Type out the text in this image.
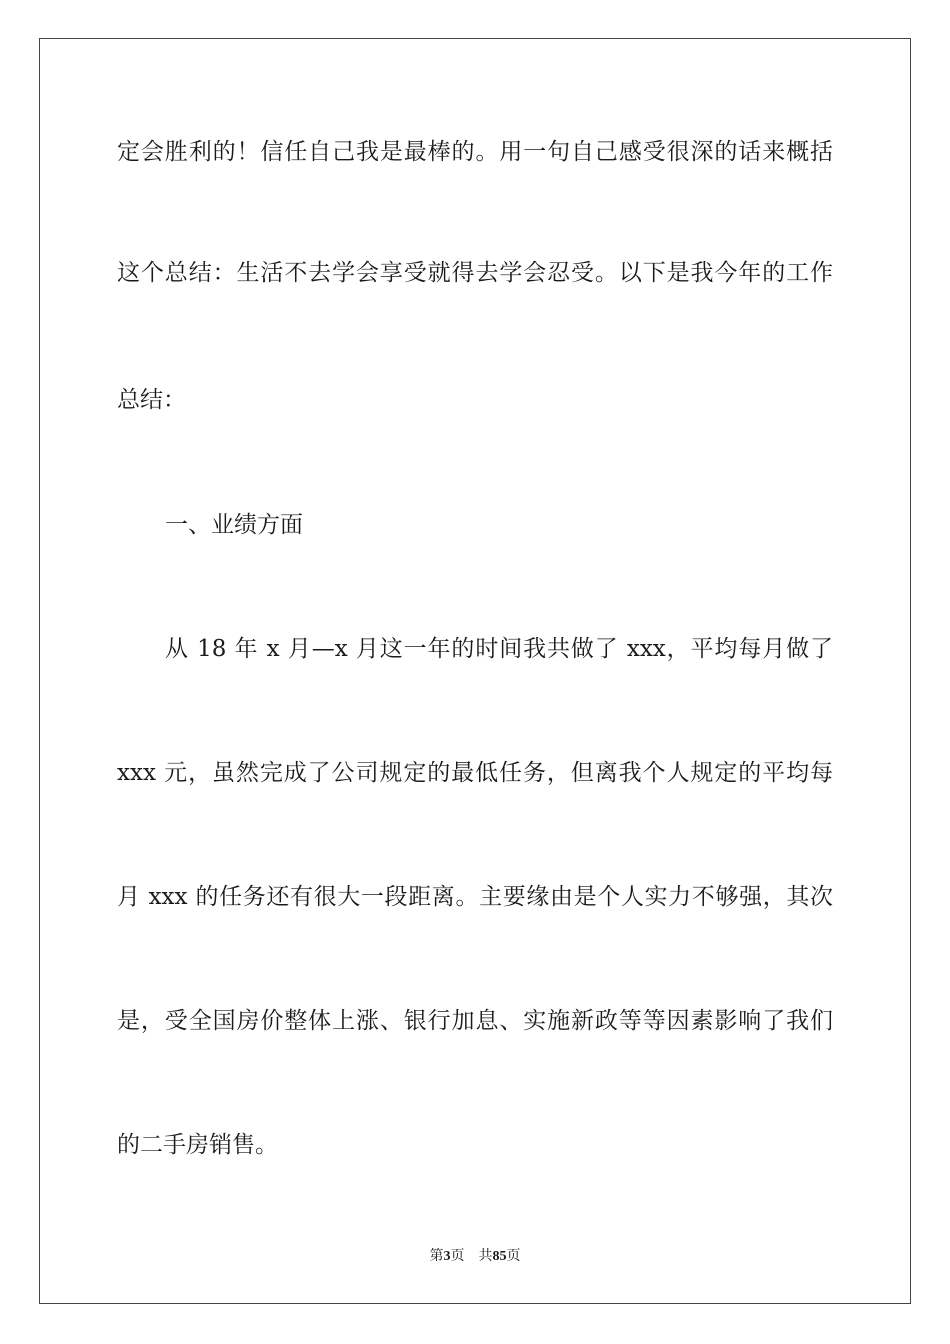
定会胜利的！信任自己我是最棒的。用一句自己感受很深的话来概括
这个总结：生活不去学会享受就得去学会忍受。以下是我今年的工作
总结：
一、业绩方面
从 18 年 x 月—x 月这一年的时间我共做了 xxx，平均每月做了
xxx 元，虽然完成了公司规定的最低任务，但离我个人规定的平均每
月 xxx 的任务还有很大一段距离。主要缘由是个人实力不够强，其次
是，受全国房价整体上涨、银行加息、实施新政等等因素影响了我们
的二手房销售。
第3页 共85页
